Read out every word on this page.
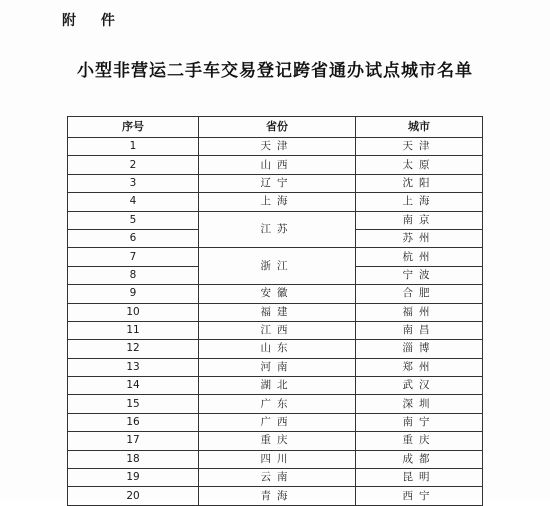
附 件
小型非营运二手车交易登记跨省通办试点城市名单
序号	省份	城市
1	天津	天津
2	山西	太原
3	辽宁	沈阳
4	上海	上海
5	江苏	南京
6		苏州
7	浙江	杭州
8		宁波
9	安徽	合肥
10	福建	福州
11	江西	南昌
12	山东	淄博
13	河南	郑州
14	湖北	武汉
15	广东	深圳
16	广西	南宁
17	重庆	重庆
18	四川	成都
19	云南	昆明
20	青海	西宁
